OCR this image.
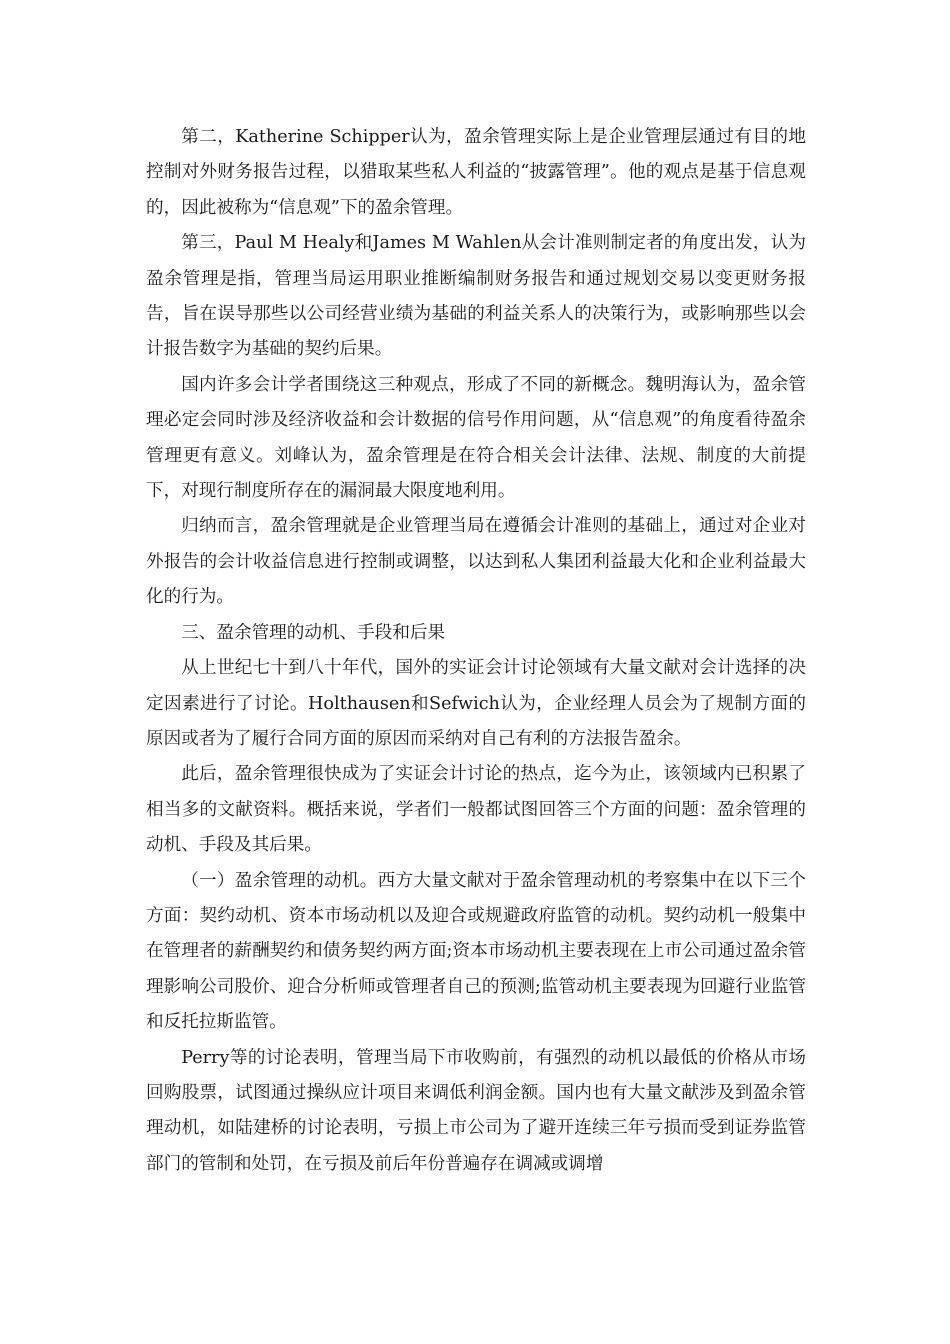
第二，Katherine Schipper认为，盈余管理实际上是企业管理层通过有目的地控制对外财务报告过程，以猎取某些私人利益的“披露管理”。他的观点是基于信息观的，因此被称为“信息观”下的盈余管理。

第三，Paul M Healy和James M Wahlen从会计准则制定者的角度出发，认为盈余管理是指，管理当局运用职业推断编制财务报告和通过规划交易以变更财务报告，旨在误导那些以公司经营业绩为基础的利益关系人的决策行为，或影响那些以会计报告数字为基础的契约后果。

国内许多会计学者围绕这三种观点，形成了不同的新概念。魏明海认为，盈余管理必定会同时涉及经济收益和会计数据的信号作用问题，从“信息观”的角度看待盈余管理更有意义。刘峰认为，盈余管理是在符合相关会计法律、法规、制度的大前提下，对现行制度所存在的漏洞最大限度地利用。

归纳而言，盈余管理就是企业管理当局在遵循会计准则的基础上，通过对企业对外报告的会计收益信息进行控制或调整，以达到私人集团利益最大化和企业利益最大化的行为。

三、盈余管理的动机、手段和后果

从上世纪七十到八十年代，国外的实证会计讨论领域有大量文献对会计选择的决定因素进行了讨论。Holthausen和Sefwich认为，企业经理人员会为了规制方面的原因或者为了履行合同方面的原因而采纳对自己有利的方法报告盈余。

此后，盈余管理很快成为了实证会计讨论的热点，迄今为止，该领域内已积累了相当多的文献资料。概括来说，学者们一般都试图回答三个方面的问题：盈余管理的动机、手段及其后果。

（一）盈余管理的动机。西方大量文献对于盈余管理动机的考察集中在以下三个方面：契约动机、资本市场动机以及迎合或规避政府监管的动机。契约动机一般集中在管理者的薪酬契约和债务契约两方面;资本市场动机主要表现在上市公司通过盈余管理影响公司股价、迎合分析师或管理者自己的预测;监管动机主要表现为回避行业监管和反托拉斯监管。

Perry等的讨论表明，管理当局下市收购前，有强烈的动机以最低的价格从市场回购股票，试图通过操纵应计项目来调低利润金额。国内也有大量文献涉及到盈余管理动机，如陆建桥的讨论表明，亏损上市公司为了避开连续三年亏损而受到证券监管部门的管制和处罚，在亏损及前后年份普遍存在调减或调增
